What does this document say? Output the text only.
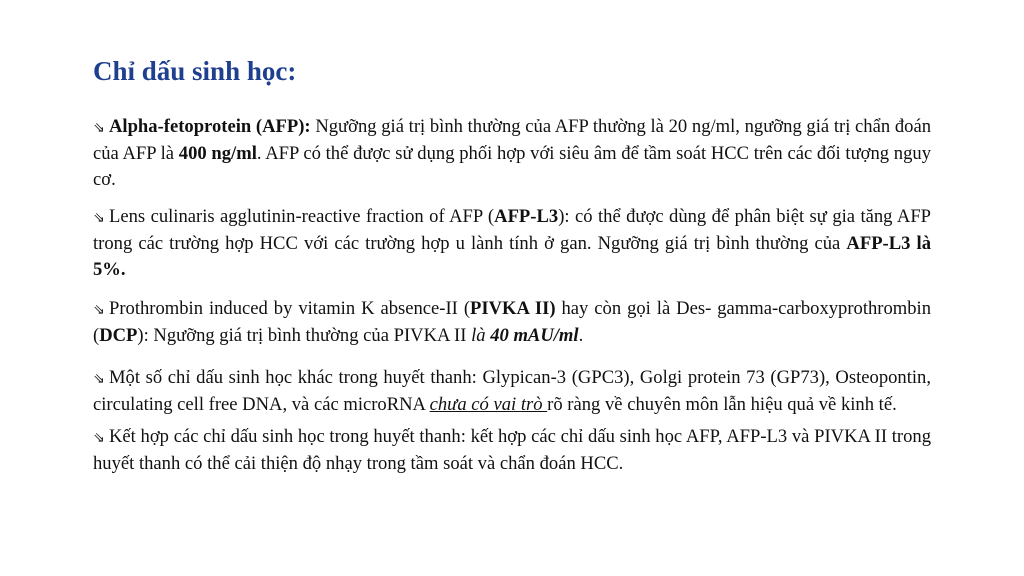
Chỉ dấu sinh học:

⇘ Alpha-fetoprotein (AFP): Ngưỡng giá trị bình thường của AFP thường là 20 ng/ml, ngưỡng giá trị chẩn đoán của AFP là 400 ng/ml. AFP có thể được sử dụng phối hợp với siêu âm để tầm soát HCC trên các đối tượng nguy cơ.

⇘ Lens culinaris agglutinin-reactive fraction of AFP (AFP-L3): có thể được dùng để phân biệt sự gia tăng AFP trong các trường hợp HCC với các trường hợp u lành tính ở gan. Ngưỡng giá trị bình thường của AFP-L3 là 5%.

⇘ Prothrombin induced by vitamin K absence-II (PIVKA II) hay còn gọi là Des- gamma-carboxyprothrombin (DCP): Ngưỡng giá trị bình thường của PIVKA II là 40 mAU/ml.

⇘ Một số chỉ dấu sinh học khác trong huyết thanh: Glypican-3 (GPC3), Golgi protein 73 (GP73), Osteopontin, circulating cell free DNA, và các microRNA chưa có vai trò rõ ràng về chuyên môn lẫn hiệu quả về kinh tế.

⇘ Kết hợp các chỉ dấu sinh học trong huyết thanh: kết hợp các chỉ dấu sinh học AFP, AFP-L3 và PIVKA II trong huyết thanh có thể cải thiện độ nhạy trong tầm soát và chẩn đoán HCC.
